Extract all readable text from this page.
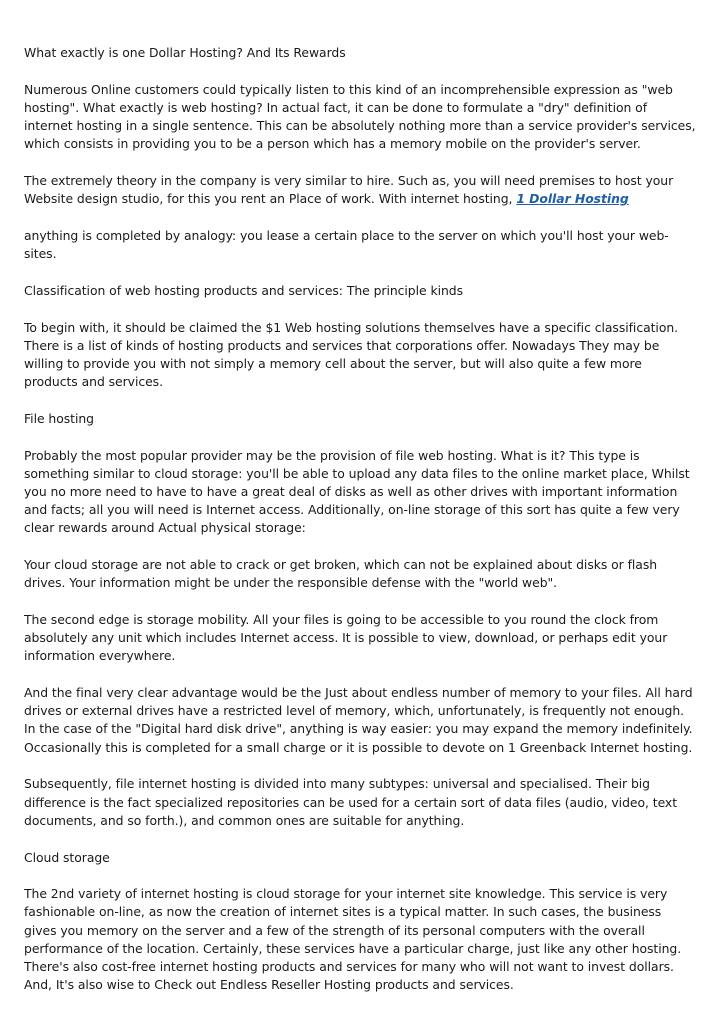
What exactly is one Dollar Hosting? And Its Rewards

Numerous Online customers could typically listen to this kind of an incomprehensible expression as "web hosting". What exactly is web hosting? In actual fact, it can be done to formulate a "dry" definition of internet hosting in a single sentence. This can be absolutely nothing more than a service provider's services, which consists in providing you to be a person which has a memory mobile on the provider's server.

The extremely theory in the company is very similar to hire. Such as, you will need premises to host your Website design studio, for this you rent an Place of work. With internet hosting, 1 Dollar Hosting

anything is completed by analogy: you lease a certain place to the server on which you'll host your web-sites.

Classification of web hosting products and services: The principle kinds

To begin with, it should be claimed the $1 Web hosting solutions themselves have a specific classification. There is a list of kinds of hosting products and services that corporations offer. Nowadays They may be willing to provide you with not simply a memory cell about the server, but will also quite a few more products and services.

File hosting

Probably the most popular provider may be the provision of file web hosting. What is it? This type is something similar to cloud storage: you'll be able to upload any data files to the online market place, Whilst you no more need to have to have a great deal of disks as well as other drives with important information and facts; all you will need is Internet access. Additionally, on-line storage of this sort has quite a few very clear rewards around Actual physical storage:

Your cloud storage are not able to crack or get broken, which can not be explained about disks or flash drives. Your information might be under the responsible defense with the "world web".

The second edge is storage mobility. All your files is going to be accessible to you round the clock from absolutely any unit which includes Internet access. It is possible to view, download, or perhaps edit your information everywhere.

And the final very clear advantage would be the Just about endless number of memory to your files. All hard drives or external drives have a restricted level of memory, which, unfortunately, is frequently not enough. In the case of the "Digital hard disk drive", anything is way easier: you may expand the memory indefinitely. Occasionally this is completed for a small charge or it is possible to devote on 1 Greenback Internet hosting.

Subsequently, file internet hosting is divided into many subtypes: universal and specialised. Their big difference is the fact specialized repositories can be used for a certain sort of data files (audio, video, text documents, and so forth.), and common ones are suitable for anything.

Cloud storage

The 2nd variety of internet hosting is cloud storage for your internet site knowledge. This service is very fashionable on-line, as now the creation of internet sites is a typical matter. In such cases, the business gives you memory on the server and a few of the strength of its personal computers with the overall performance of the location. Certainly, these services have a particular charge, just like any other hosting. There's also cost-free internet hosting products and services for many who will not want to invest dollars. And, It's also wise to Check out Endless Reseller Hosting products and services.
